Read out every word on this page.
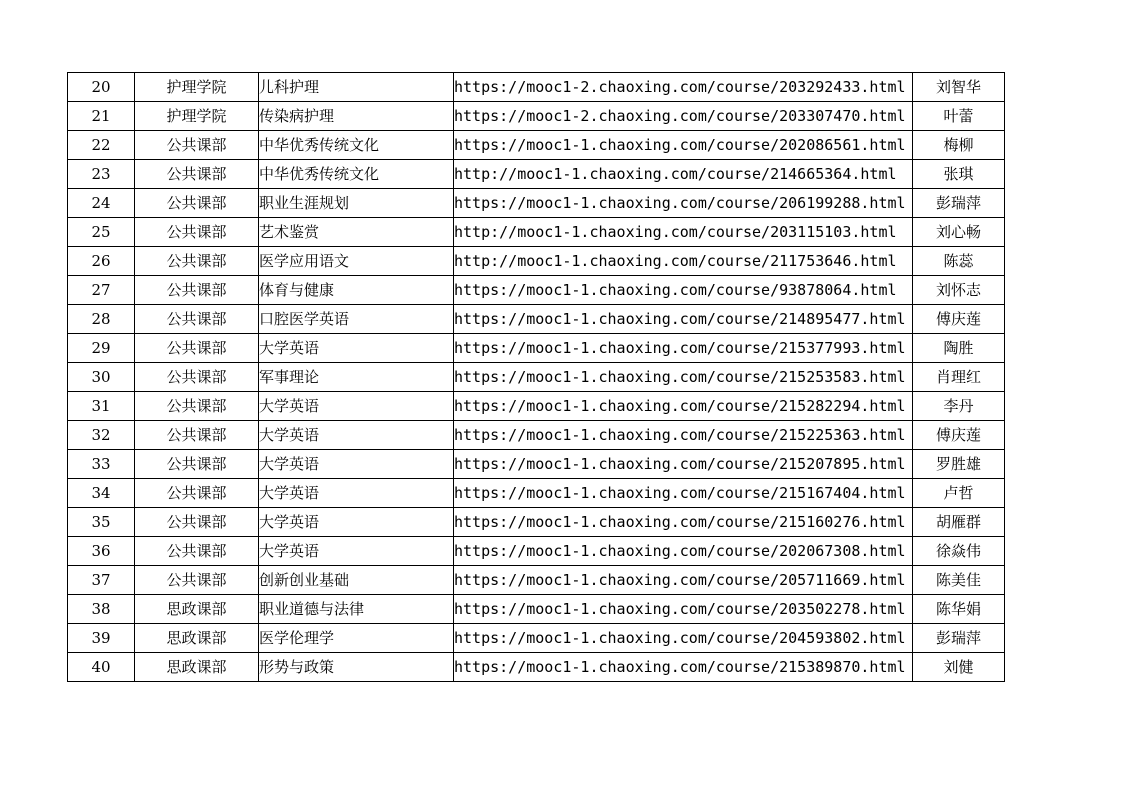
20	护理学院	儿科护理	https://mooc1-2.chaoxing.com/course/203292433.html	刘智华
21	护理学院	传染病护理	https://mooc1-2.chaoxing.com/course/203307470.html	叶蕾
22	公共课部	中华优秀传统文化	https://mooc1-1.chaoxing.com/course/202086561.html	梅柳
23	公共课部	中华优秀传统文化	http://mooc1-1.chaoxing.com/course/214665364.html	张琪
24	公共课部	职业生涯规划	https://mooc1-1.chaoxing.com/course/206199288.html	彭瑞萍
25	公共课部	艺术鉴赏	http://mooc1-1.chaoxing.com/course/203115103.html	刘心畅
26	公共课部	医学应用语文	http://mooc1-1.chaoxing.com/course/211753646.html	陈蕊
27	公共课部	体育与健康	https://mooc1-1.chaoxing.com/course/93878064.html	刘怀志
28	公共课部	口腔医学英语	https://mooc1-1.chaoxing.com/course/214895477.html	傅庆莲
29	公共课部	大学英语	https://mooc1-1.chaoxing.com/course/215377993.html	陶胜
30	公共课部	军事理论	https://mooc1-1.chaoxing.com/course/215253583.html	肖理红
31	公共课部	大学英语	https://mooc1-1.chaoxing.com/course/215282294.html	李丹
32	公共课部	大学英语	https://mooc1-1.chaoxing.com/course/215225363.html	傅庆莲
33	公共课部	大学英语	https://mooc1-1.chaoxing.com/course/215207895.html	罗胜雄
34	公共课部	大学英语	https://mooc1-1.chaoxing.com/course/215167404.html	卢哲
35	公共课部	大学英语	https://mooc1-1.chaoxing.com/course/215160276.html	胡雁群
36	公共课部	大学英语	https://mooc1-1.chaoxing.com/course/202067308.html	徐焱伟
37	公共课部	创新创业基础	https://mooc1-1.chaoxing.com/course/205711669.html	陈美佳
38	思政课部	职业道德与法律	https://mooc1-1.chaoxing.com/course/203502278.html	陈华娟
39	思政课部	医学伦理学	https://mooc1-1.chaoxing.com/course/204593802.html	彭瑞萍
40	思政课部	形势与政策	https://mooc1-1.chaoxing.com/course/215389870.html	刘健
